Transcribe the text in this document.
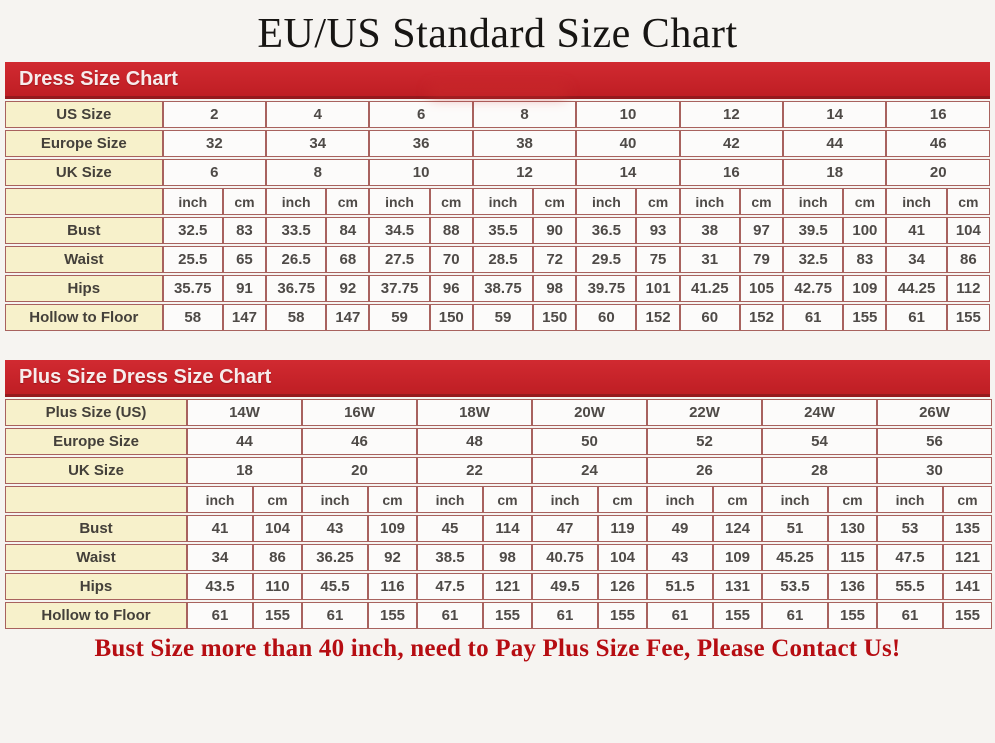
EU/US Standard Size Chart
Dress Size Chart
US Size	2		4		6		8		10		12		14		16	
Europe Size	32		34		36		38		40		42		44		46	
UK Size	6		8		10		12		14		16		18		20	
	inch	cm	inch	cm	inch	cm	inch	cm	inch	cm	inch	cm	inch	cm	inch	cm
Bust	32.5	83	33.5	84	34.5	88	35.5	90	36.5	93	38	97	39.5	100	41	104
Waist	25.5	65	26.5	68	27.5	70	28.5	72	29.5	75	31	79	32.5	83	34	86
Hips	35.75	91	36.75	92	37.75	96	38.75	98	39.75	101	41.25	105	42.75	109	44.25	112
Hollow to Floor	58	147	58	147	59	150	59	150	60	152	60	152	61	155	61	155
Plus Size Dress Size Chart
Plus Size (US)	14W		16W		18W		20W		22W		24W		26W	
Europe Size	44		46		48		50		52		54		56	
UK Size	18		20		22		24		26		28		30	
	inch	cm	inch	cm	inch	cm	inch	cm	inch	cm	inch	cm	inch	cm
Bust	41	104	43	109	45	114	47	119	49	124	51	130	53	135
Waist	34	86	36.25	92	38.5	98	40.75	104	43	109	45.25	115	47.5	121
Hips	43.5	110	45.5	116	47.5	121	49.5	126	51.5	131	53.5	136	55.5	141
Hollow to Floor	61	155	61	155	61	155	61	155	61	155	61	155	61	155
Bust Size more than 40 inch, need to Pay Plus Size Fee, Please Contact Us!
